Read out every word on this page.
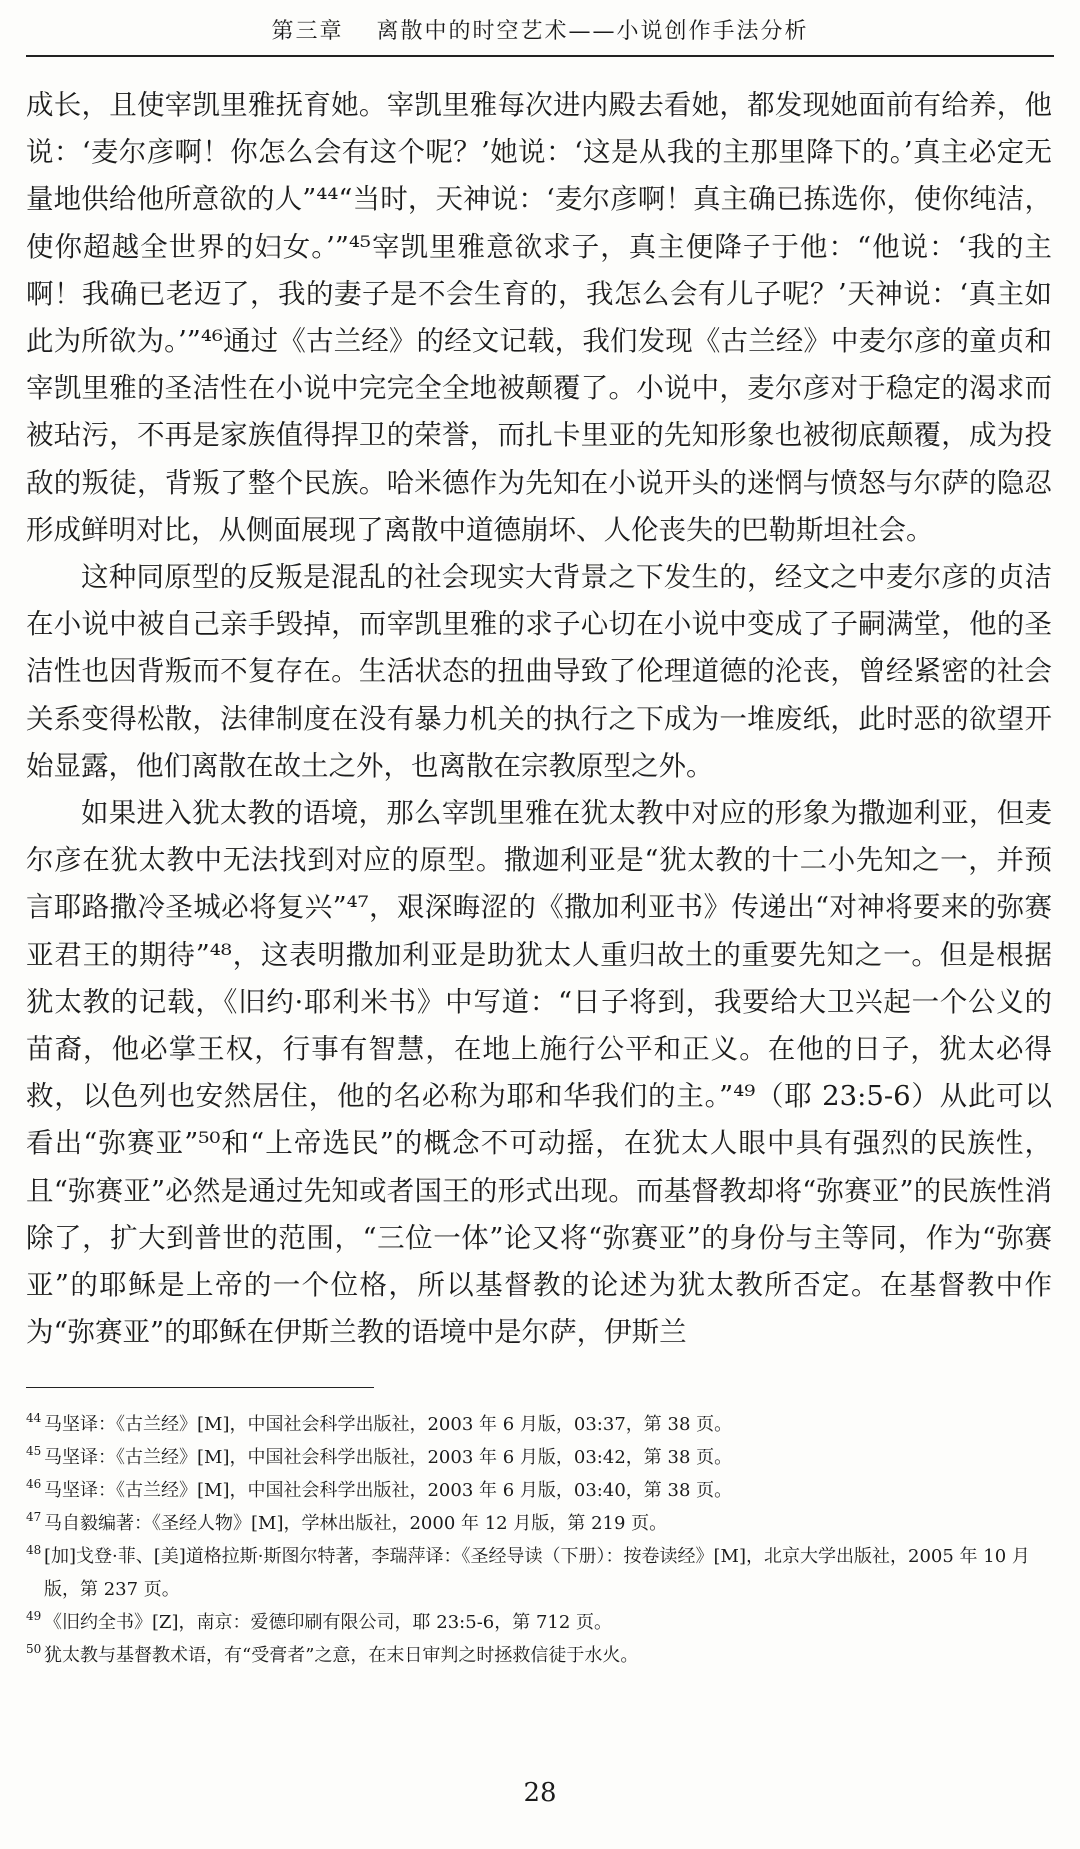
第三章 离散中的时空艺术——小说创作手法分析

成长，且使宰凯里雅抚育她。宰凯里雅每次进内殿去看她，都发现她面前有给养，他说：‘麦尔彦啊！你怎么会有这个呢？’她说：‘这是从我的主那里降下的。’真主必定无量地供给他所意欲的人”⁴⁴“当时，天神说：‘麦尔彦啊！真主确已拣选你，使你纯洁，使你超越全世界的妇女。’”⁴⁵宰凯里雅意欲求子，真主便降子于他：“他说：‘我的主啊！我确已老迈了，我的妻子是不会生育的，我怎么会有儿子呢？’天神说：‘真主如此为所欲为。’”⁴⁶通过《古兰经》的经文记载，我们发现《古兰经》中麦尔彦的童贞和宰凯里雅的圣洁性在小说中完完全全地被颠覆了。小说中，麦尔彦对于稳定的渴求而被玷污，不再是家族值得捍卫的荣誉，而扎卡里亚的先知形象也被彻底颠覆，成为投敌的叛徒，背叛了整个民族。哈米德作为先知在小说开头的迷惘与愤怒与尔萨的隐忍形成鲜明对比，从侧面展现了离散中道德崩坏、人伦丧失的巴勒斯坦社会。

这种同原型的反叛是混乱的社会现实大背景之下发生的，经文之中麦尔彦的贞洁在小说中被自己亲手毁掉，而宰凯里雅的求子心切在小说中变成了子嗣满堂，他的圣洁性也因背叛而不复存在。生活状态的扭曲导致了伦理道德的沦丧，曾经紧密的社会关系变得松散，法律制度在没有暴力机关的执行之下成为一堆废纸，此时恶的欲望开始显露，他们离散在故土之外，也离散在宗教原型之外。

如果进入犹太教的语境，那么宰凯里雅在犹太教中对应的形象为撒迦利亚，但麦尔彦在犹太教中无法找到对应的原型。撒迦利亚是“犹太教的十二小先知之一，并预言耶路撒冷圣城必将复兴”⁴⁷，艰深晦涩的《撒加利亚书》传递出“对神将要来的弥赛亚君王的期待”⁴⁸，这表明撒加利亚是助犹太人重归故土的重要先知之一。但是根据犹太教的记载，《旧约·耶利米书》中写道：“日子将到，我要给大卫兴起一个公义的苗裔，他必掌王权，行事有智慧，在地上施行公平和正义。在他的日子，犹太必得救，以色列也安然居住，他的名必称为耶和华我们的主。”⁴⁹（耶 23:5-6）从此可以看出“弥赛亚”⁵⁰和“上帝选民”的概念不可动摇，在犹太人眼中具有强烈的民族性，且“弥赛亚”必然是通过先知或者国王的形式出现。而基督教却将“弥赛亚”的民族性消除了，扩大到普世的范围，“三位一体”论又将“弥赛亚”的身份与主等同，作为“弥赛亚”的耶稣是上帝的一个位格，所以基督教的论述为犹太教所否定。在基督教中作为“弥赛亚”的耶稣在伊斯兰教的语境中是尔萨，伊斯兰

44 马坚译：《古兰经》[M]，中国社会科学出版社，2003 年 6 月版，03:37，第 38 页。
45 马坚译：《古兰经》[M]，中国社会科学出版社，2003 年 6 月版，03:42，第 38 页。
46 马坚译：《古兰经》[M]，中国社会科学出版社，2003 年 6 月版，03:40，第 38 页。
47 马自毅编著：《圣经人物》[M]，学林出版社，2000 年 12 月版，第 219 页。
48 [加]戈登·菲、[美]道格拉斯·斯图尔特著，李瑞萍译：《圣经导读（下册）：按卷读经》[M]，北京大学出版社，2005 年 10 月版，第 237 页。
49 《旧约全书》[Z]，南京：爱德印刷有限公司，耶 23:5-6，第 712 页。
50 犹太教与基督教术语，有“受膏者”之意，在末日审判之时拯救信徒于水火。
28
